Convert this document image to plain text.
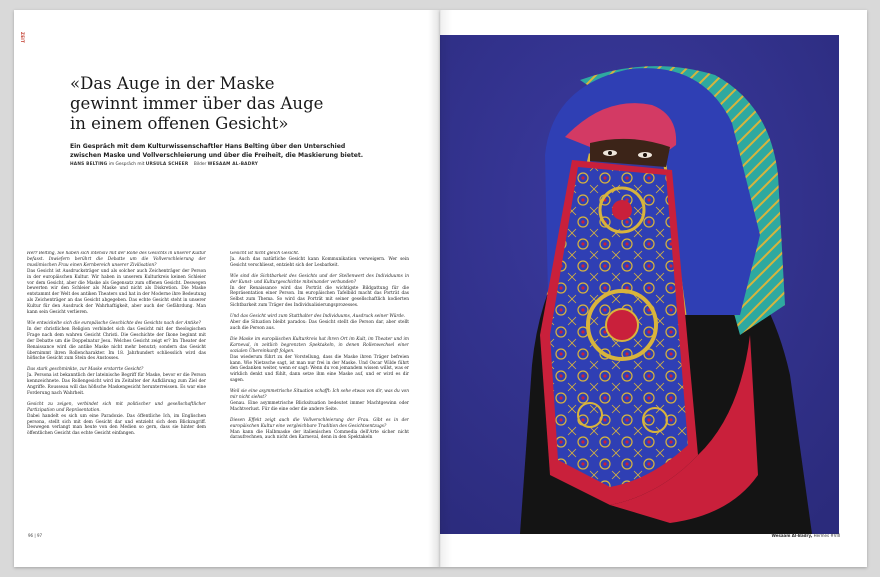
ZEIT
«Das Auge in der Maske
gewinnt immer über das Auge
in einem offenen Gesicht»
Ein Gespräch mit dem Kulturwissenschaftler Hans Belting über den Unterschied
zwischen Maske und Vollverschleierung und über die Freiheit, die Maskierung bietet.
HANS BELTING im Gespräch mit URSULA SCHEER Bilder WESAAM AL-BADRY

Herr Belting, Sie haben sich intensiv mit der Rolle des Gesichts in unserer Kultur befasst. Inwiefern berührt die Debatte um die Vollverschleierung der muslimischen Frau einen Kernbereich unserer Zivilisation?

Das Gesicht ist Ausdrucksträger und als solcher auch Zeichenträger der Person in der europäischen Kultur. Wir haben in unserem Kulturkreis keinen Schleier vor dem Gesicht, aber die Maske als Gegensatz zum offenen Gesicht. Deswegen bewerten wir den Schleier als Maske und nicht als Diskretion. Die Maske entstammt der Welt des antiken Theaters und hat in der Moderne ihre Bedeutung als Zeichenträger an das Gesicht abgegeben. Das echte Gesicht steht in unserer Kultur für den Ausdruck der Wahrhaftigkeit, aber auch der Gefährdung. Man kann sein Gesicht verlieren.

Wie entwickelte sich die europäische Geschichte des Gesichts nach der Antike?

In der christlichen Religion verbindet sich das Gesicht mit der theologischen Frage nach dem wahren Gesicht Christi. Die Geschichte der Ikone beginnt mit der Debatte um die Doppelnatur Jesu. Welches Gesicht zeigt er? Im Theater der Renaissance wird die antike Maske nicht mehr benutzt; sondern das Gesicht übernimmt ihren Rollencharakter. Im 18. Jahrhundert schliesslich wird das höfische Gesicht zum Stein des Anstosses.

Das stark geschminkte, zur Maske erstarrte Gesicht?

Ja. Persona ist bekanntlich der lateinische Begriff für Maske, bevor er die Person kennzeichnete. Das Rollengesicht wird im Zeitalter der Aufklärung zum Ziel der Angriffe. Rousseau will das höfische Maskengesicht herunterreissen. Es war eine Forderung nach Wahrheit.

Gesicht zu zeigen, verbindet sich mit politischer und gesellschaftlicher Partizipation und Repräsentation.

Dabei handelt es sich um eine Paradoxie. Das öffentliche Ich, im Englischen persona, stellt sich mit dem Gesicht dar und entzieht sich dem Blickzugriff. Deswegen verlangt man heute von den Medien so gern, dass sie hinter dem öffentlichen Gesicht das echte Gesicht einfangen.

Gesicht ist nicht gleich Gesicht.

Ja. Auch das natürliche Gesicht kann Kommunikation verweigern. Wer sein Gesicht verschliesst, entzieht sich der Lesbarkeit.

Wie sind die Sichtbarkeit des Gesichts und der Stellenwert des Individuums in der Kunst- und Kulturgeschichte miteinander verbunden?

In der Renaissance wird das Porträt die wichtigste Bildgattung für die Repräsentation einer Person. Im europäischen Tafelbild macht das Porträt das Selbst zum Thema. So wird das Porträt mit seiner gesellschaftlich kodierten Sichtbarkeit zum Träger des Individualisierungsprozesses.

Und das Gesicht wird zum Statthalter des Individuums, Ausdruck seiner Würde.

Aber die Situation bleibt paradox: Das Gesicht stellt die Person dar, aber stellt auch die Person aus.

Die Maske im europäischen Kulturkreis hat ihren Ort im Kult, im Theater und im Karneval, in zeitlich begrenzten Spektakeln, in denen Rollenwechsel einer sozialen Übereinkunft folgen.

Das wiederum führt zu der Vorstellung, dass die Maske ihren Träger befreien kann. Wie Nietzsche sagt, ist man nur frei in der Maske. Und Oscar Wilde führt den Gedanken weiter, wenn er sagt: Wenn du von jemandem wissen willst, was er wirklich denkt und fühlt, dann setze ihm eine Maske auf, und er wird es dir sagen.

Weil sie eine asymmetrische Situation schafft: Ich sehe etwas von dir, was du von mir nicht siehst?

Genau. Eine asymmetrische Blicksituation bedeutet immer Machtgewinn oder Machtverlust. Für die eine oder die andere Seite.

Diesen Effekt zeigt auch die Vollverschleierung der Frau. Gibt es in der europäischen Kultur eine vergleichbare Tradition des Gesichtsentzugs?

Man kann die Halbmaske der italienischen Commedia dell'Arte sicher nicht daraufrechnen, auch nicht den Karneval, denn in den Spektakeln

96 | 97	Wesaam Al-Badry, Hermes #VIII
